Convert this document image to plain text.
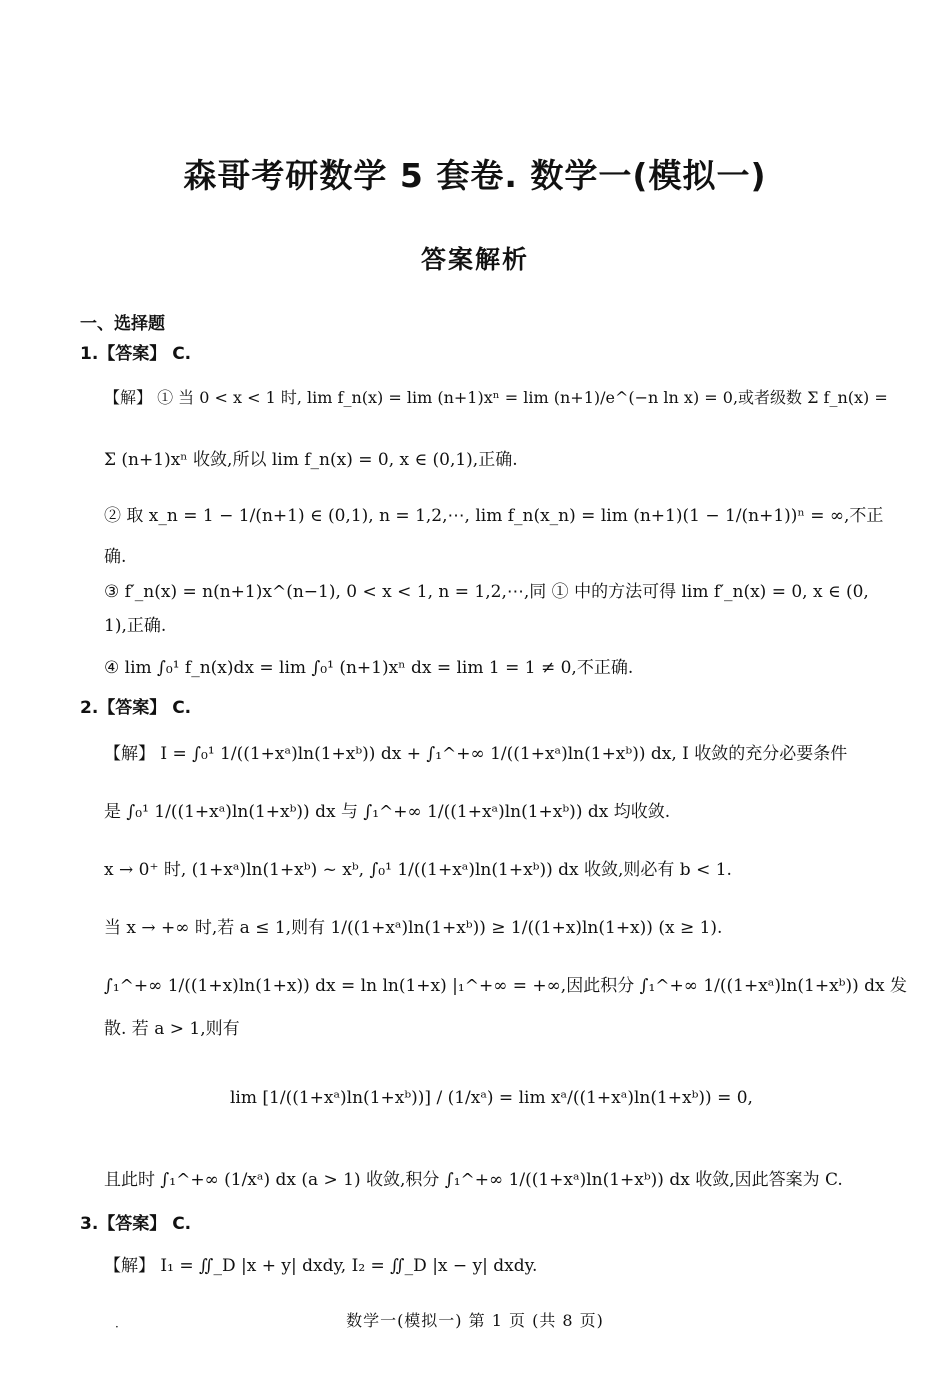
森哥考研数学 5 套卷. 数学一(模拟一)
答案解析
一、选择题
1.【答案】 C.
【解】 ① 当 0 < x < 1 时, lim f_n(x) = lim (n+1)xⁿ = lim (n+1)/e^(−n ln x) = 0,或者级数 Σ f_n(x) =
Σ (n+1)xⁿ 收敛,所以 lim f_n(x) = 0, x ∈ (0,1),正确.
② 取 x_n = 1 − 1/(n+1) ∈ (0,1), n = 1,2,⋯, lim f_n(x_n) = lim (n+1)(1 − 1/(n+1))ⁿ = ∞,不正
确.
③ f′_n(x) = n(n+1)x^(n−1), 0 < x < 1, n = 1,2,⋯,同 ① 中的方法可得 lim f′_n(x) = 0, x ∈ (0,
1),正确.
④ lim ∫₀¹ f_n(x)dx = lim ∫₀¹ (n+1)xⁿ dx = lim 1 = 1 ≠ 0,不正确.
2.【答案】 C.
【解】 I = ∫₀¹ 1/((1+xᵃ)ln(1+xᵇ)) dx + ∫₁^+∞ 1/((1+xᵃ)ln(1+xᵇ)) dx, I 收敛的充分必要条件
是 ∫₀¹ 1/((1+xᵃ)ln(1+xᵇ)) dx 与 ∫₁^+∞ 1/((1+xᵃ)ln(1+xᵇ)) dx 均收敛.
x → 0⁺ 时, (1+xᵃ)ln(1+xᵇ) ~ xᵇ, ∫₀¹ 1/((1+xᵃ)ln(1+xᵇ)) dx 收敛,则必有 b < 1.
当 x → +∞ 时,若 a ≤ 1,则有 1/((1+xᵃ)ln(1+xᵇ)) ≥ 1/((1+x)ln(1+x)) (x ≥ 1).
∫₁^+∞ 1/((1+x)ln(1+x)) dx = ln ln(1+x) |₁^+∞ = +∞,因此积分 ∫₁^+∞ 1/((1+xᵃ)ln(1+xᵇ)) dx 发
散. 若 a > 1,则有
lim [1/((1+xᵃ)ln(1+xᵇ))] / (1/xᵃ) = lim xᵃ/((1+xᵃ)ln(1+xᵇ)) = 0,
且此时 ∫₁^+∞ (1/xᵃ) dx (a > 1) 收敛,积分 ∫₁^+∞ 1/((1+xᵃ)ln(1+xᵇ)) dx 收敛,因此答案为 C.
3.【答案】 C.
【解】 I₁ = ∬_D |x + y| dxdy, I₂ = ∬_D |x − y| dxdy.
·	数学一(模拟一) 第 1 页 (共 8 页)
